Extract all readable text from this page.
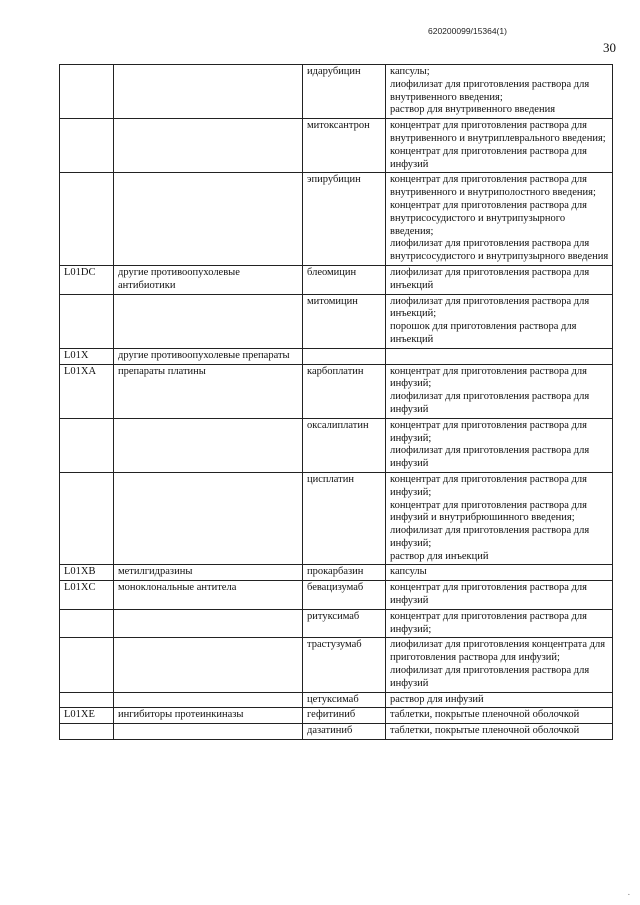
620200099/15364(1)
30
		идарубицин	капсулы;
лиофилизат для приготовления раствора для внутривенного введения;
раствор для внутривенного введения

		митоксантрон	концентрат для приготовления раствора для внутривенного и внутриплеврального введения;
концентрат для приготовления раствора для инфузий

		эпирубицин	концентрат для приготовления раствора для внутривенного и внутриполостного введения;
концентрат для приготовления раствора для внутрисосудистого и внутрипузырного введения;
лиофилизат для приготовления раствора для внутрисосудистого и внутрипузырного введения

L01DC	другие противоопухолевые антибиотики	блеомицин	лиофилизат для приготовления раствора для инъекций

		митомицин	лиофилизат для приготовления раствора для инъекций;
порошок для приготовления раствора для инъекций

L01X	другие противоопухолевые препараты		
L01XA	препараты платины	карбоплатин	концентрат для приготовления раствора для инфузий;
лиофилизат для приготовления раствора для инфузий

		оксалиплатин	концентрат для приготовления раствора для инфузий;
лиофилизат для приготовления раствора для инфузий

		цисплатин	концентрат для приготовления раствора для инфузий;
концентрат для приготовления раствора для инфузий и внутрибрюшинного введения;
лиофилизат для приготовления раствора для инфузий;
раствор для инъекций

L01XB	метилгидразины	прокарбазин	капсулы

L01XC	моноклональные антитела	бевацизумаб	концентрат для приготовления раствора для инфузий

		ритуксимаб	концентрат для приготовления раствора для инфузий;

		трастузумаб	лиофилизат для приготовления концентрата для приготовления раствора для инфузий;
лиофилизат для приготовления раствора для инфузий

		цетуксимаб	раствор для инфузий

L01XE	ингибиторы протеинкиназы	гефитиниб	таблетки, покрытые пленочной оболочкой

		дазатиниб	таблетки, покрытые пленочной оболочкой
.
